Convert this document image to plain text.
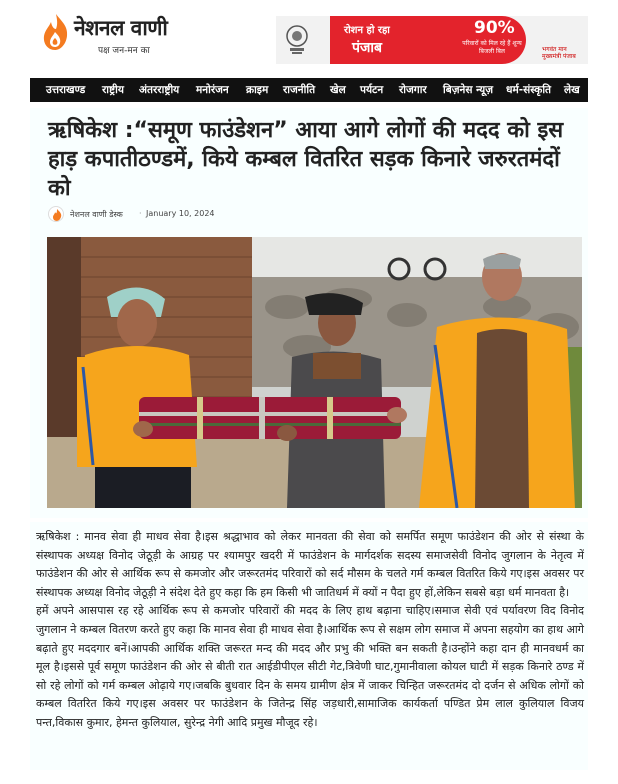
नेशनल वाणी
पक्ष जन-मन का
रोशन हो रहा
पंजाब
90%
परिवारों को मिल रहे हैं शून्य बिजली बिल	भगवंत मान मुख्यमंत्री पंजाब
उत्तराखण्ड राष्ट्रीय अंतरराष्ट्रीय मनोरंजन क्राइम राजनीति खेल पर्यटन रोजगार बिज़नेस न्यूज़ धर्म-संस्कृति लेख
ऋषिकेश :“समूण फाउंडेशन” आया आगे लोगों की मदद को इस हाड़ कपातीठण्डमें, किये कम्बल वितरित सड़क किनारे जरुरतमंदों को
नेशनल वाणी डेस्क · January 10, 2024

ऋषिकेश : मानव सेवा ही माधव सेवा है।इस श्रद्धाभाव को लेकर मानवता की सेवा को समर्पित समूण फाउंडेशन की ओर से संस्था के संस्थापक अध्यक्ष विनोद जेठूड़ी के आग्रह पर श्यामपुर खदरी में फाउंडेशन के मार्गदर्शक सदस्य समाजसेवी विनोद जुगलान के नेतृत्व में फाउंडेशन की ओर से आर्थिक रूप से कमजोर और जरूरतमंद परिवारों को सर्द मौसम के चलते गर्म कम्बल वितरित किये गए।इस अवसर पर संस्थापक अध्यक्ष विनोद जेठूड़ी ने संदेश देते हुए कहा कि हम किसी भी जातिधर्म में क्यों न पैदा हुए हों,लेकिन सबसे बड़ा धर्म मानवता है।

हमें अपने आसपास रह रहे आर्थिक रूप से कमजोर परिवारों की मदद के लिए हाथ बढ़ाना चाहिए।समाज सेवी एवं पर्यावरण विद विनोद जुगलान ने कम्बल वितरण करते हुए कहा कि मानव सेवा ही माधव सेवा है।आर्थिक रूप से सक्षम लोग समाज में अपना सहयोग का हाथ आगे बढ़ाते हुए मददगार बनें।आपकी आर्थिक शक्ति जरूरत मन्द की मदद और प्रभु की भक्ति बन सकती है।उन्होंने कहा दान ही मानवधर्म का मूल है।इससे पूर्व समूण फाउंडेशन की ओर से बीती रात आईडीपीएल सीटी गेट,त्रिवेणी घाट,गुमानीवाला कोयल घाटी में सड़क किनारे ठण्ड में सो रहे लोगों को गर्म कम्बल ओढ़ाये गए।जबकि बुधवार दिन के समय ग्रामीण क्षेत्र में जाकर चिन्हित जरूरतमंद दो दर्जन से अधिक लोगों को कम्बल वितरित किये गए।इस अवसर पर फाउंडेशन के जितेन्द्र सिंह जड़धारी,सामाजिक कार्यकर्ता पण्डित प्रेम लाल कुलियाल विजय पन्त,विकास कुमार, हेमन्त कुलियाल, सुरेन्द्र नेगी आदि प्रमुख मौजूद रहे।
